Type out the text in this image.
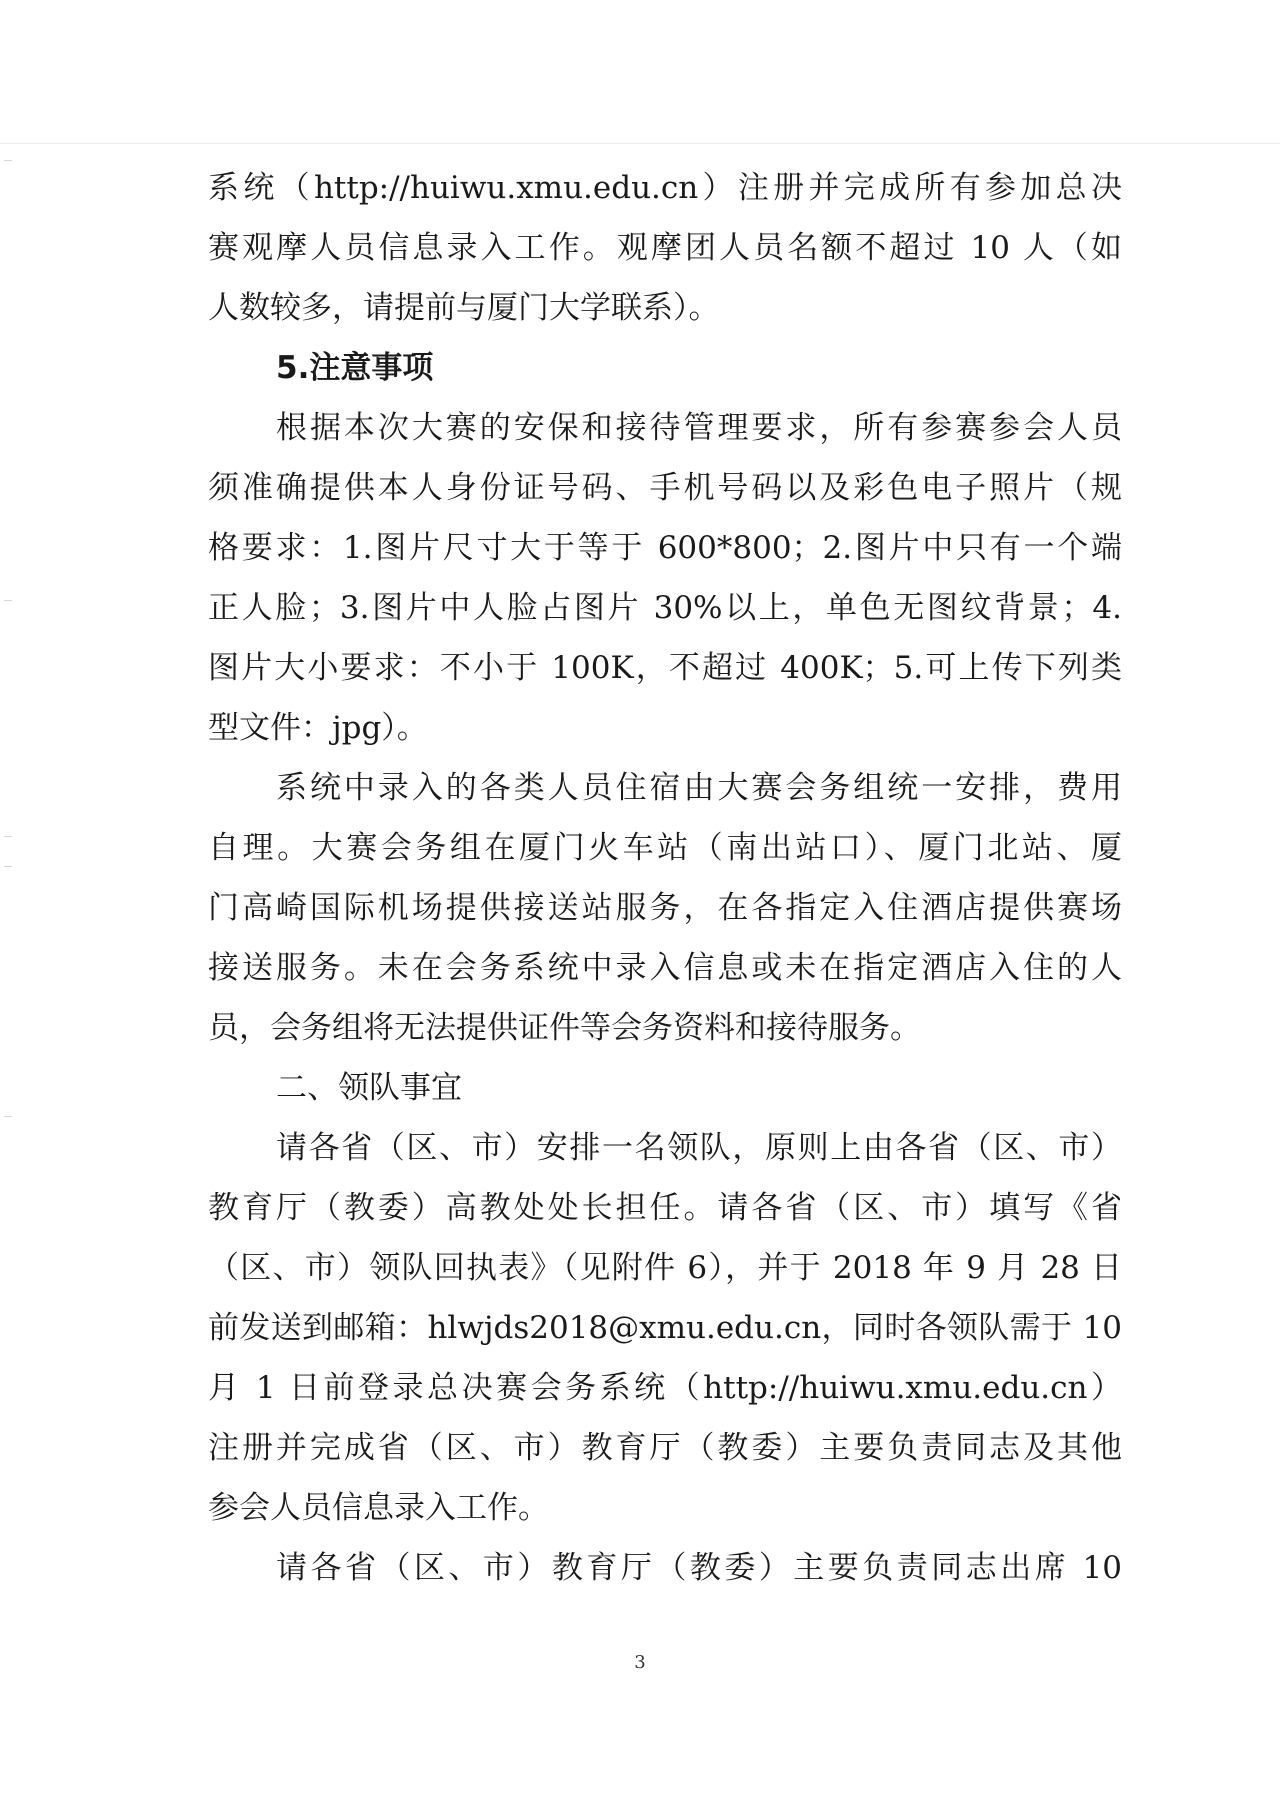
系统（http://huiwu.xmu.edu.cn）注册并完成所有参加总决
赛观摩人员信息录入工作。观摩团人员名额不超过 10 人（如
人数较多，请提前与厦门大学联系）。
5.注意事项
根据本次大赛的安保和接待管理要求，所有参赛参会人员
须准确提供本人身份证号码、手机号码以及彩色电子照片（规
格要求：1.图片尺寸大于等于 600*800；2.图片中只有一个端
正人脸；3.图片中人脸占图片 30%以上，单色无图纹背景；4.
图片大小要求：不小于 100K，不超过 400K；5.可上传下列类
型文件：jpg）。
系统中录入的各类人员住宿由大赛会务组统一安排，费用
自理。大赛会务组在厦门火车站（南出站口）、厦门北站、厦
门高崎国际机场提供接送站服务，在各指定入住酒店提供赛场
接送服务。未在会务系统中录入信息或未在指定酒店入住的人
员，会务组将无法提供证件等会务资料和接待服务。
二、领队事宜
请各省（区、市）安排一名领队，原则上由各省（区、市）
教育厅（教委）高教处处长担任。请各省（区、市）填写《省
（区、市）领队回执表》（见附件 6），并于 2018 年 9 月 28 日
前发送到邮箱：hlwjds2018@xmu.edu.cn，同时各领队需于 10
月 1 日前登录总决赛会务系统（http://huiwu.xmu.edu.cn）
注册并完成省（区、市）教育厅（教委）主要负责同志及其他
参会人员信息录入工作。
请各省（区、市）教育厅（教委）主要负责同志出席 10
3
